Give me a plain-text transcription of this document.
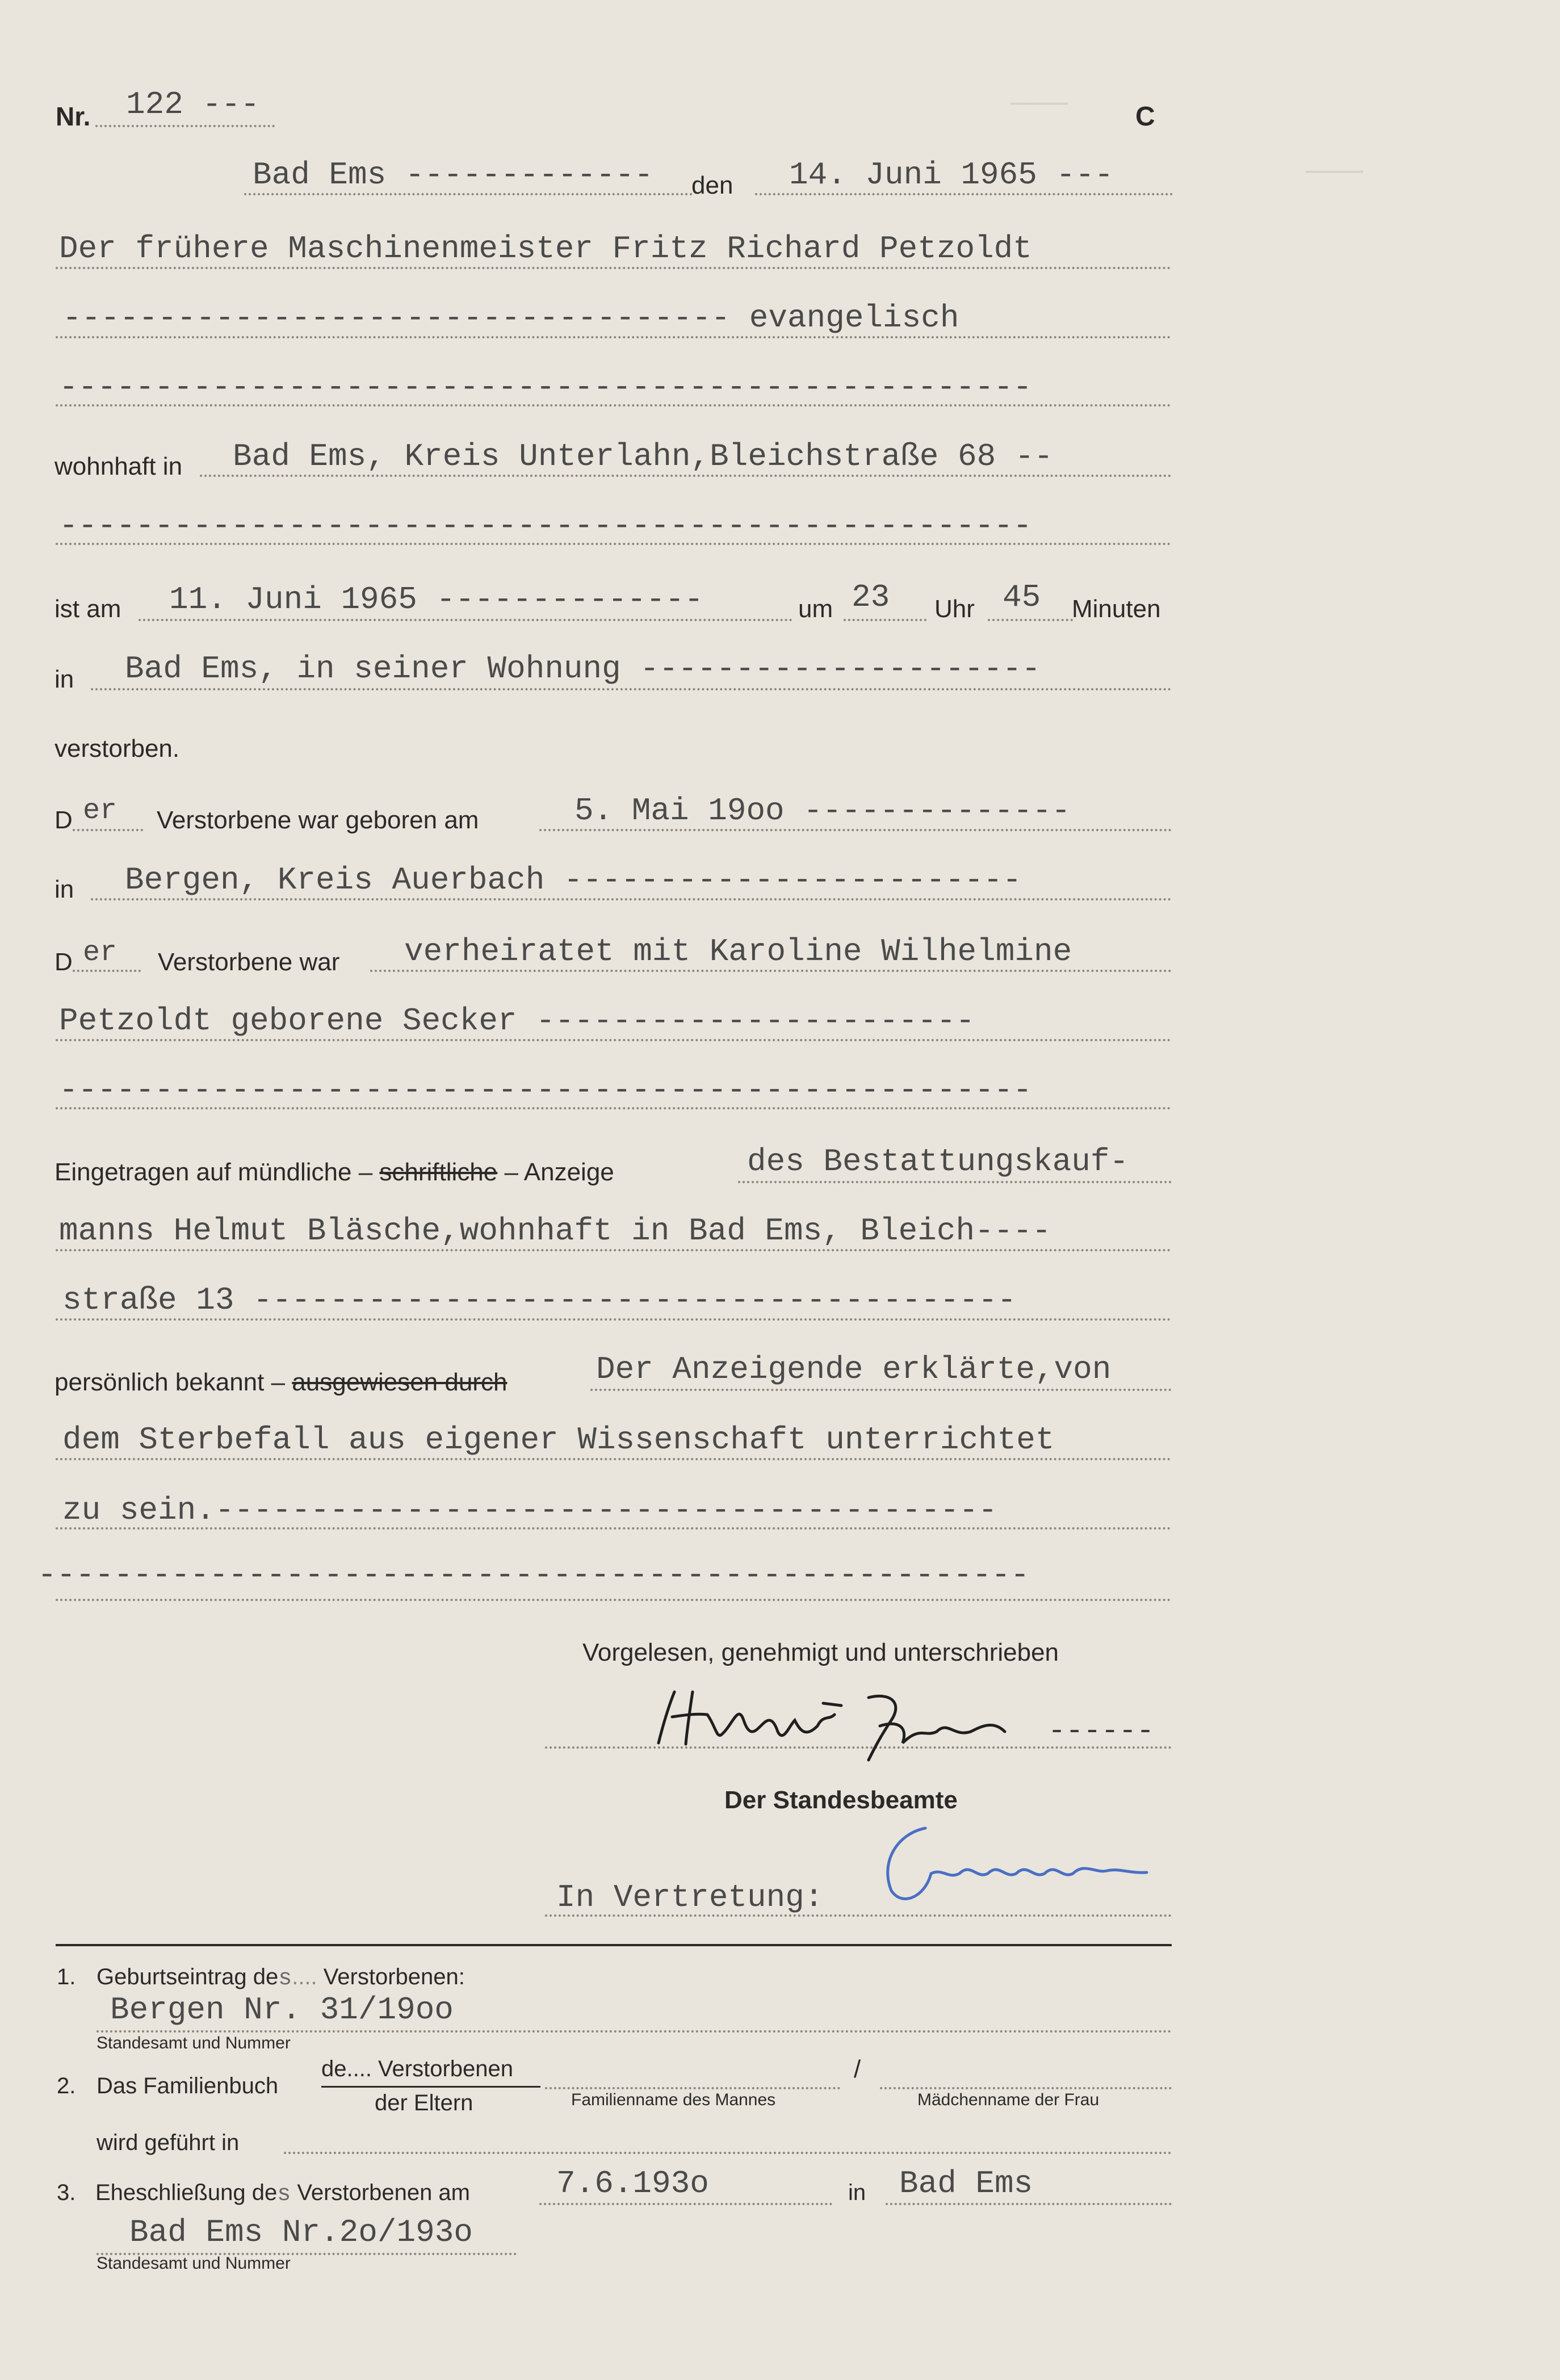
———
———
Nr. 122 ---	C
Bad Ems ------------- den 14. Juni 1965 ---
Der frühere Maschinenmeister Fritz Richard Petzoldt
----------------------------------- evangelisch
---------------------------------------------------
wohnhaft in Bad Ems, Kreis Unterlahn,Bleichstraße 68 --
---------------------------------------------------
ist am 11. Juni 1965 --------------	um 23 Uhr 45 Minuten
in Bad Ems, in seiner Wohnung ---------------------
verstorben.
D er Verstorbene war geboren am	5. Mai 19oo --------------
in Bergen, Kreis Auerbach ------------------------
D er Verstorbene war verheiratet mit Karoline Wilhelmine
Petzoldt geborene Secker -----------------------
---------------------------------------------------
Eingetragen auf mündliche – schriftliche – Anzeige	des Bestattungskauf-
manns Helmut Bläsche,wohnhaft in Bad Ems, Bleich----
straße 13 ----------------------------------------
persönlich bekannt – ausgewiesen durch	Der Anzeigende erklärte,von
dem Sterbefall aus eigener Wissenschaft unterrichtet
zu sein.-----------------------------------------
----------------------------------------------------
Vorgelesen, genehmigt und unterschrieben
------
Der Standesbeamte
In Vertretung:
1. Geburtseintrag des.... Verstorbenen:
Bergen Nr. 31/19oo
Standesamt und Nummer
2. Das Familienbuch
de.... Verstorbenen
der Eltern
/
Familienname des Mannes	Mädchenname der Frau
wird geführt in
3. Eheschließung des Verstorbenen am	7.6.193o	in Bad Ems
Bad Ems Nr.2o/193o
Standesamt und Nummer
